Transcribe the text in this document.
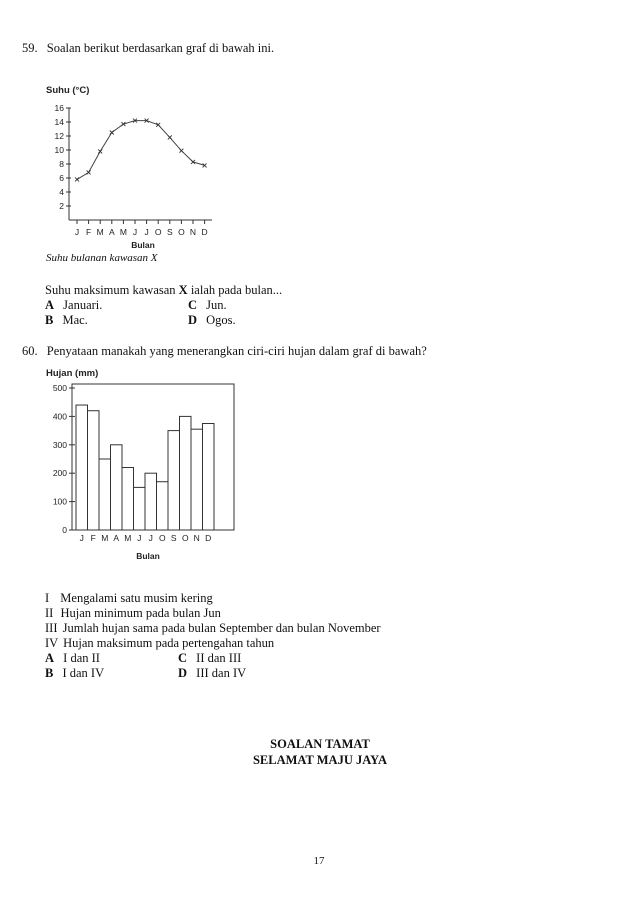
59. Soalan berikut berdasarkan graf di bawah ini.
Suhu (°C)
16
14
12
10
8
6
4
2
J F M A M J J O S O N D
Bulan
Suhu bulanan kawasan X
Suhu maksimum kawasan X ialah pada bulan...
A Januari.	C Jun.
B Mac.	D Ogos.
60. Penyataan manakah yang menerangkan ciri-ciri hujan dalam graf di bawah?
Hujan (mm)
500
400
300
200
100
0
J F M A M J J O S O N D
Bulan
I Mengalami satu musim kering
II Hujan minimum pada bulan Jun
III Jumlah hujan sama pada bulan September dan bulan November
IV Hujan maksimum pada pertengahan tahun
A I dan II	C II dan III
B I dan IV	D III dan IV
SOALAN TAMAT
SELAMAT MAJU JAYA
17
